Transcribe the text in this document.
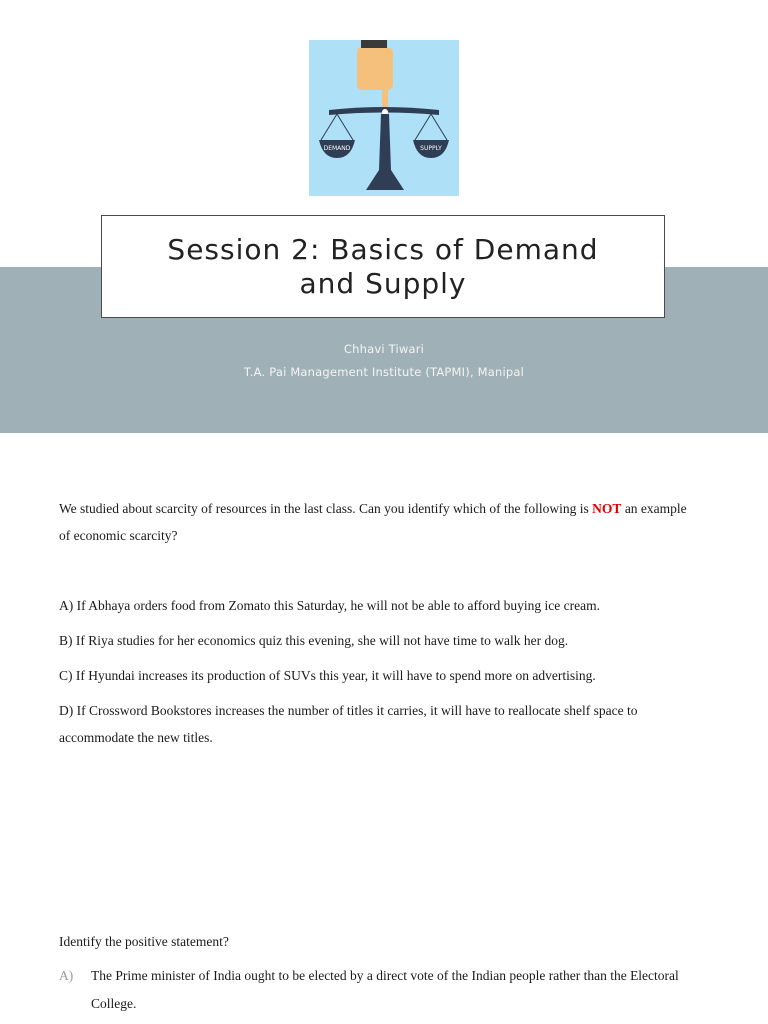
DEMAND	SUPPLY
Session 2: Basics of Demand and Supply
Chhavi Tiwari
T.A. Pai Management Institute (TAPMI), Manipal
We studied about scarcity of resources in the last class. Can you identify which of the following is NOT an example of economic scarcity?
A) If Abhaya orders food from Zomato this Saturday, he will not be able to afford buying ice cream.
B) If Riya studies for her economics quiz this evening, she will not have time to walk her dog.
C) If Hyundai increases its production of SUVs this year, it will have to spend more on advertising.
D) If Crossword Bookstores increases the number of titles it carries, it will have to reallocate shelf space to accommodate the new titles.
Identify the positive statement?
A) The Prime minister of India ought to be elected by a direct vote of the Indian people rather than the Electoral College.
